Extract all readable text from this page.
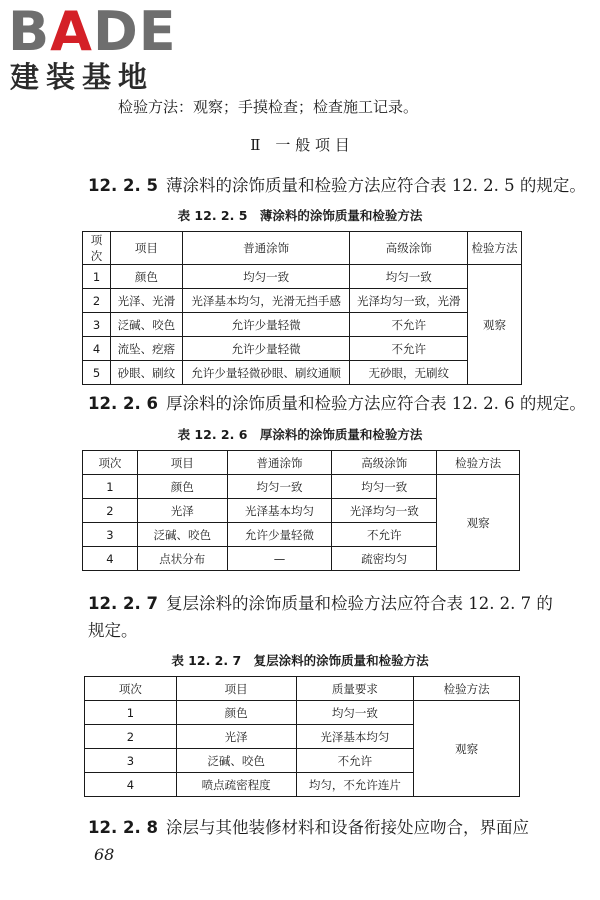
BADE
建装基地
检验方法：观察；手摸检查；检查施工记录。
Ⅱ　一 般 项 目
12. 2. 5 薄涂料的涂饰质量和检验方法应符合表 12. 2. 5 的规定。
表 12. 2. 5　薄涂料的涂饰质量和检验方法
项次	项目	普通涂饰	高级涂饰	检验方法
1	颜色	均匀一致	均匀一致	观察
2	光泽、光滑	光泽基本均匀，光滑无挡手感	光泽均匀一致，光滑	
3	泛碱、咬色	允许少量轻微	不允许	
4	流坠、疙瘩	允许少量轻微	不允许	
5	砂眼、刷纹	允许少量轻微砂眼、刷纹通顺	无砂眼，无刷纹	
12. 2. 6 厚涂料的涂饰质量和检验方法应符合表 12. 2. 6 的规定。
表 12. 2. 6　厚涂料的涂饰质量和检验方法
项次	项目	普通涂饰	高级涂饰	检验方法
1	颜色	均匀一致	均匀一致	观察
2	光泽	光泽基本均匀	光泽均匀一致	
3	泛碱、咬色	允许少量轻微	不允许	
4	点状分布	—	疏密均匀	
12. 2. 7 复层涂料的涂饰质量和检验方法应符合表 12. 2. 7 的
规定。
表 12. 2. 7　复层涂料的涂饰质量和检验方法
项次	项目	质量要求	检验方法
1	颜色	均匀一致	观察
2	光泽	光泽基本均匀	
3	泛碱、咬色	不允许	
4	喷点疏密程度	均匀，不允许连片	
12. 2. 8 涂层与其他装修材料和设备衔接处应吻合，界面应
68
